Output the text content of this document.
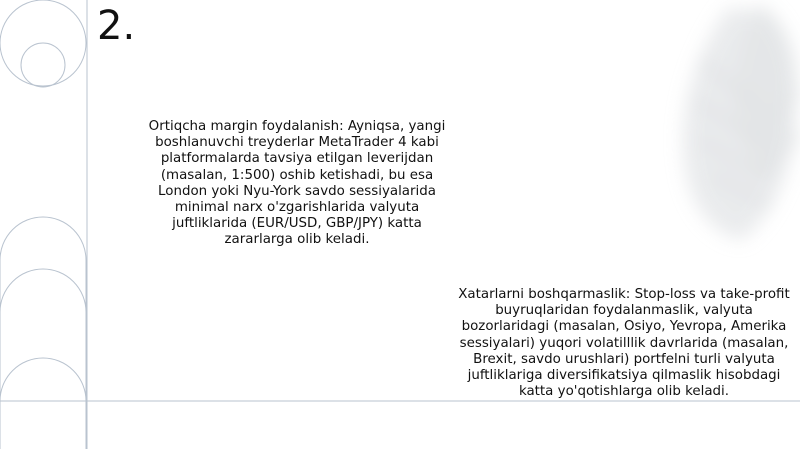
2.
Ortiqcha margin foydalanish: Ayniqsa, yangi boshlanuvchi treyderlar MetaTrader 4 kabi platformalarda tavsiya etilgan leverijdan (masalan, 1:500) oshib ketishadi, bu esa London yoki Nyu-York savdo sessiyalarida minimal narx o'zgarishlarida valyuta juftliklarida (EUR/USD, GBP/JPY) katta zararlarga olib keladi.
Xatarlarni boshqarmaslik: Stop-loss va take-profit buyruqlaridan foydalanmaslik, valyuta bozorlaridagi (masalan, Osiyo, Yevropa, Amerika sessiyalari) yuqori volatilllik davrlarida (masalan, Brexit, savdo urushlari) portfelni turli valyuta juftliklariga diversifikatsiya qilmaslik hisobdagi katta yo'qotishlarga olib keladi.
